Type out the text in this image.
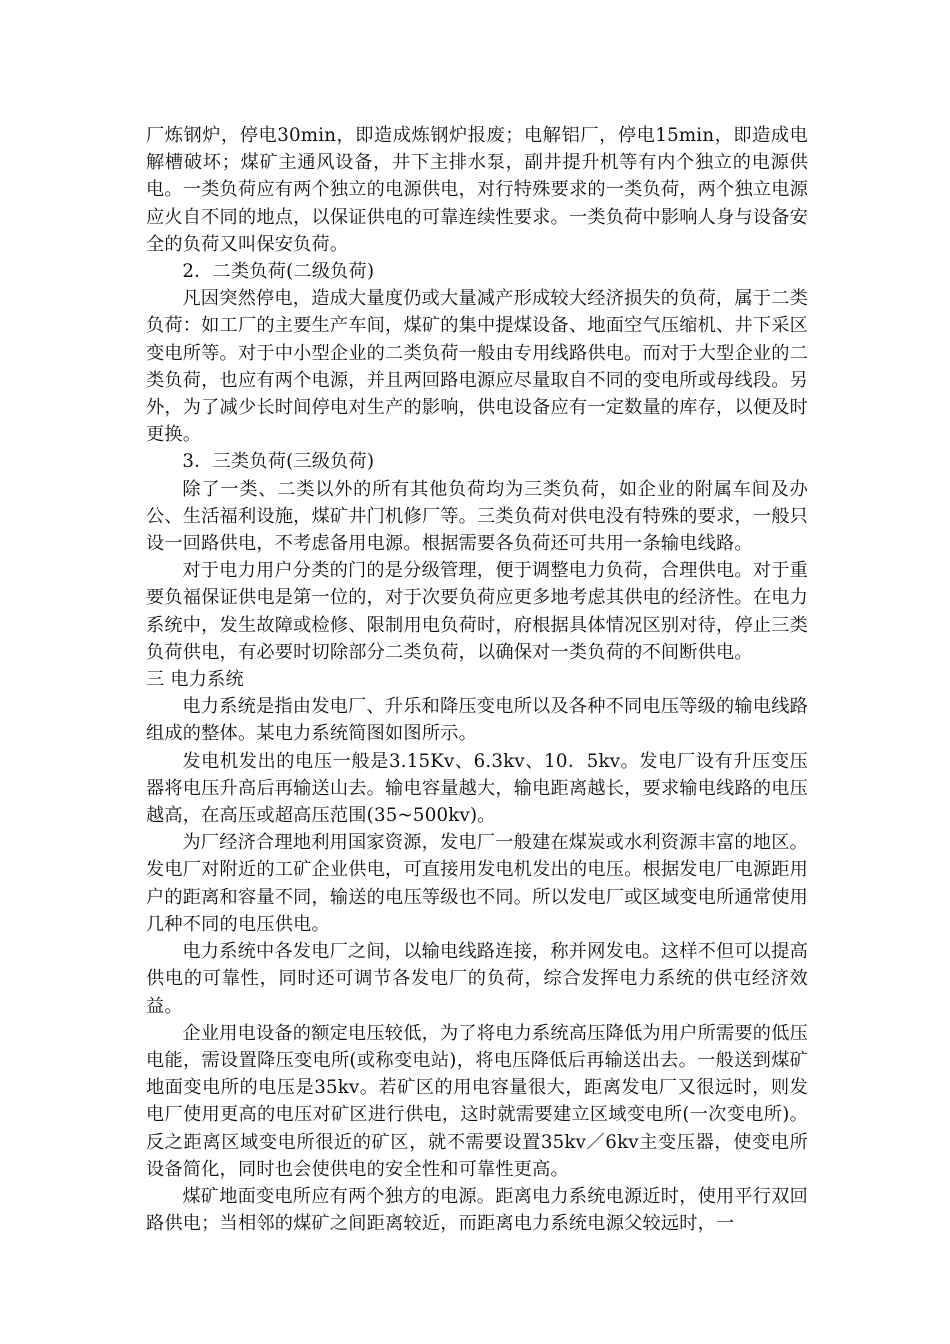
厂炼钢炉，停电30min，即造成炼钢炉报废；电解铝厂，停电15min，即造成电解槽破坏；煤矿主通风设备，井下主排水泵，副井提升机等有内个独立的电源供电。一类负荷应有两个独立的电源供电，对行特殊要求的一类负荷，两个独立电源应火自不同的地点，以保证供电的可靠连续性要求。一类负荷中影响人身与设备安全的负荷又叫保安负荷。

2．二类负荷(二级负荷)

凡因突然停电，造成大量度仍或大量减产形成较大经济损失的负荷，属于二类负荷：如工厂的主要生产车间，煤矿的集中提煤设备、地面空气压缩机、井下采区变电所等。对于中小型企业的二类负荷一般由专用线路供电。而对于大型企业的二类负荷，也应有两个电源，并且两回路电源应尽量取自不同的变电所或母线段。另外，为了减少长时间停电对生产的影响，供电设备应有一定数量的库存，以便及时更换。

3．三类负荷(三级负荷)

除了一类、二类以外的所有其他负荷均为三类负荷，如企业的附属车间及办公、生活福利设施，煤矿井门机修厂等。三类负荷对供电没有特殊的要求，一般只设一回路供电，不考虑备用电源。根据需要各负荷还可共用一条输电线路。

对于电力用户分类的门的是分级管理，便于调整电力负荷，合理供电。对于重要负福保证供电是第一位的，对于次要负荷应更多地考虑其供电的经济性。在电力系统中，发生故障或检修、限制用电负荷时，府根据具体情况区别对待，停止三类负荷供电，有必要时切除部分二类负荷，以确保对一类负荷的不间断供电。

三 电力系统

电力系统是指由发电厂、升乐和降压变电所以及各种不同电压等级的输电线路组成的整体。某电力系统简图如图所示。

发电机发出的电压一般是3.15Kv、6.3kv、10．5kv。发电厂设有升压变压器将电压升高后再输送山去。输电容量越大，输电距离越长，要求输电线路的电压越高，在高压或超高压范围(35~500kv)。

为厂经济合理地利用国家资源，发电厂一般建在煤炭或水利资源丰富的地区。发电厂对附近的工矿企业供电，可直接用发电机发出的电压。根据发电厂电源距用户的距离和容量不同，输送的电压等级也不同。所以发电厂或区域变电所通常使用几种不同的电压供电。

电力系统中各发电厂之间，以输电线路连接，称并网发电。这样不但可以提高供电的可靠性，同时还可调节各发电厂的负荷，综合发挥电力系统的供屯经济效益。

企业用电设备的额定电压较低，为了将电力系统高压降低为用户所需要的低压电能，需设置降压变电所(或称变电站)，将电压降低后再输送出去。一般送到煤矿地面变电所的电压是35kv。若矿区的用电容量很大，距离发电厂又很远时，则发电厂使用更高的电压对矿区进行供电，这时就需要建立区域变电所(一次变电所)。反之距离区域变电所很近的矿区，就不需要设置35kv／6kv主变压器，使变电所设备简化，同时也会使供电的安全性和可靠性更高。

煤矿地面变电所应有两个独方的电源。距离电力系统电源近时，使用平行双回路供电；当相邻的煤矿之间距离较近，而距离电力系统电源父较远时，一
